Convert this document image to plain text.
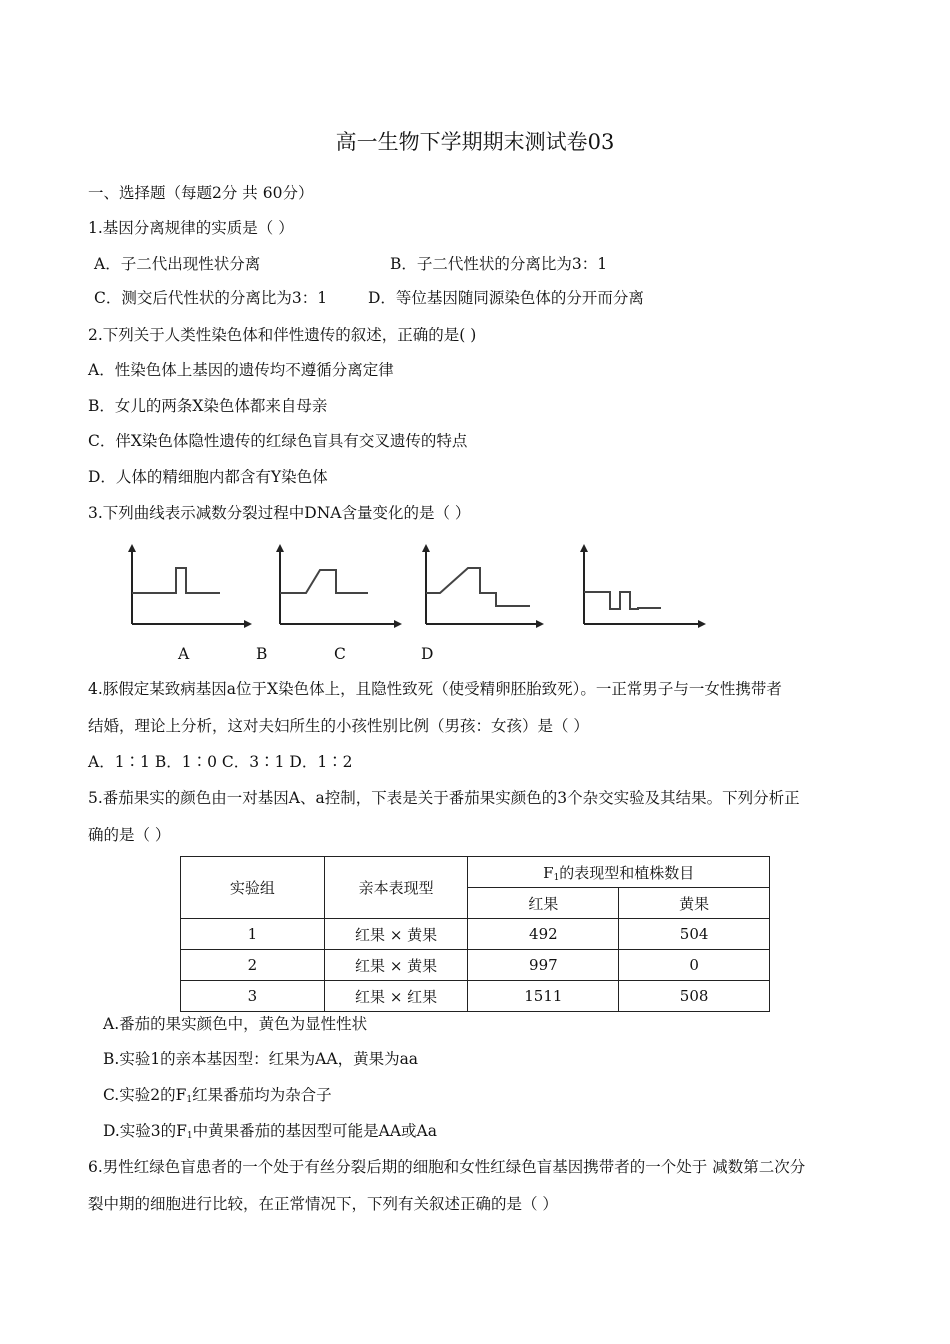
高一生物下学期期末测试卷03
一、选择题（每题2分 共 60分）
1.基因分离规律的实质是（ ）
A．子二代出现性状分离	B．子二代性状的分离比为3：1
C．测交后代性状的分离比为3：1	D．等位基因随同源染色体的分开而分离
2.下列关于人类性染色体和伴性遗传的叙述，正确的是( )
A．性染色体上基因的遗传均不遵循分离定律
B．女儿的两条X染色体都来自母亲
C．伴X染色体隐性遗传的红绿色盲具有交叉遗传的特点
D．人体的精细胞内都含有Y染色体
3.下列曲线表示减数分裂过程中DNA含量变化的是（ ）
A	B	C	D
4.豚假定某致病基因a位于X染色体上，且隐性致死（使受精卵胚胎致死）。一正常男子与一女性携带者
结婚，理论上分析，这对夫妇所生的小孩性别比例（男孩：女孩）是（ ）
A．1∶1 B．1∶0 C．3∶1 D．1∶2
5.番茄果实的颜色由一对基因A、a控制，下表是关于番茄果实颜色的3个杂交实验及其结果。下列分析正
确的是（ ）
实验组	亲本表现型	$F_1$的表现型和植株数目	
		红果	黄果
1	红果 × 黄果	492	504
2	红果 × 黄果	997	0
3	红果 × 红果	1511	508
A.番茄的果实颜色中，黄色为显性性状
B.实验1的亲本基因型：红果为AA，黄果为aa
C.实验2的$F_1$红果番茄均为杂合子
D.实验3的$F_1$中黄果番茄的基因型可能是AA或Aa
6.男性红绿色盲患者的一个处于有丝分裂后期的细胞和女性红绿色盲基因携带者的一个处于 减数第二次分
裂中期的细胞进行比较，在正常情况下，下列有关叙述正确的是（ ）
